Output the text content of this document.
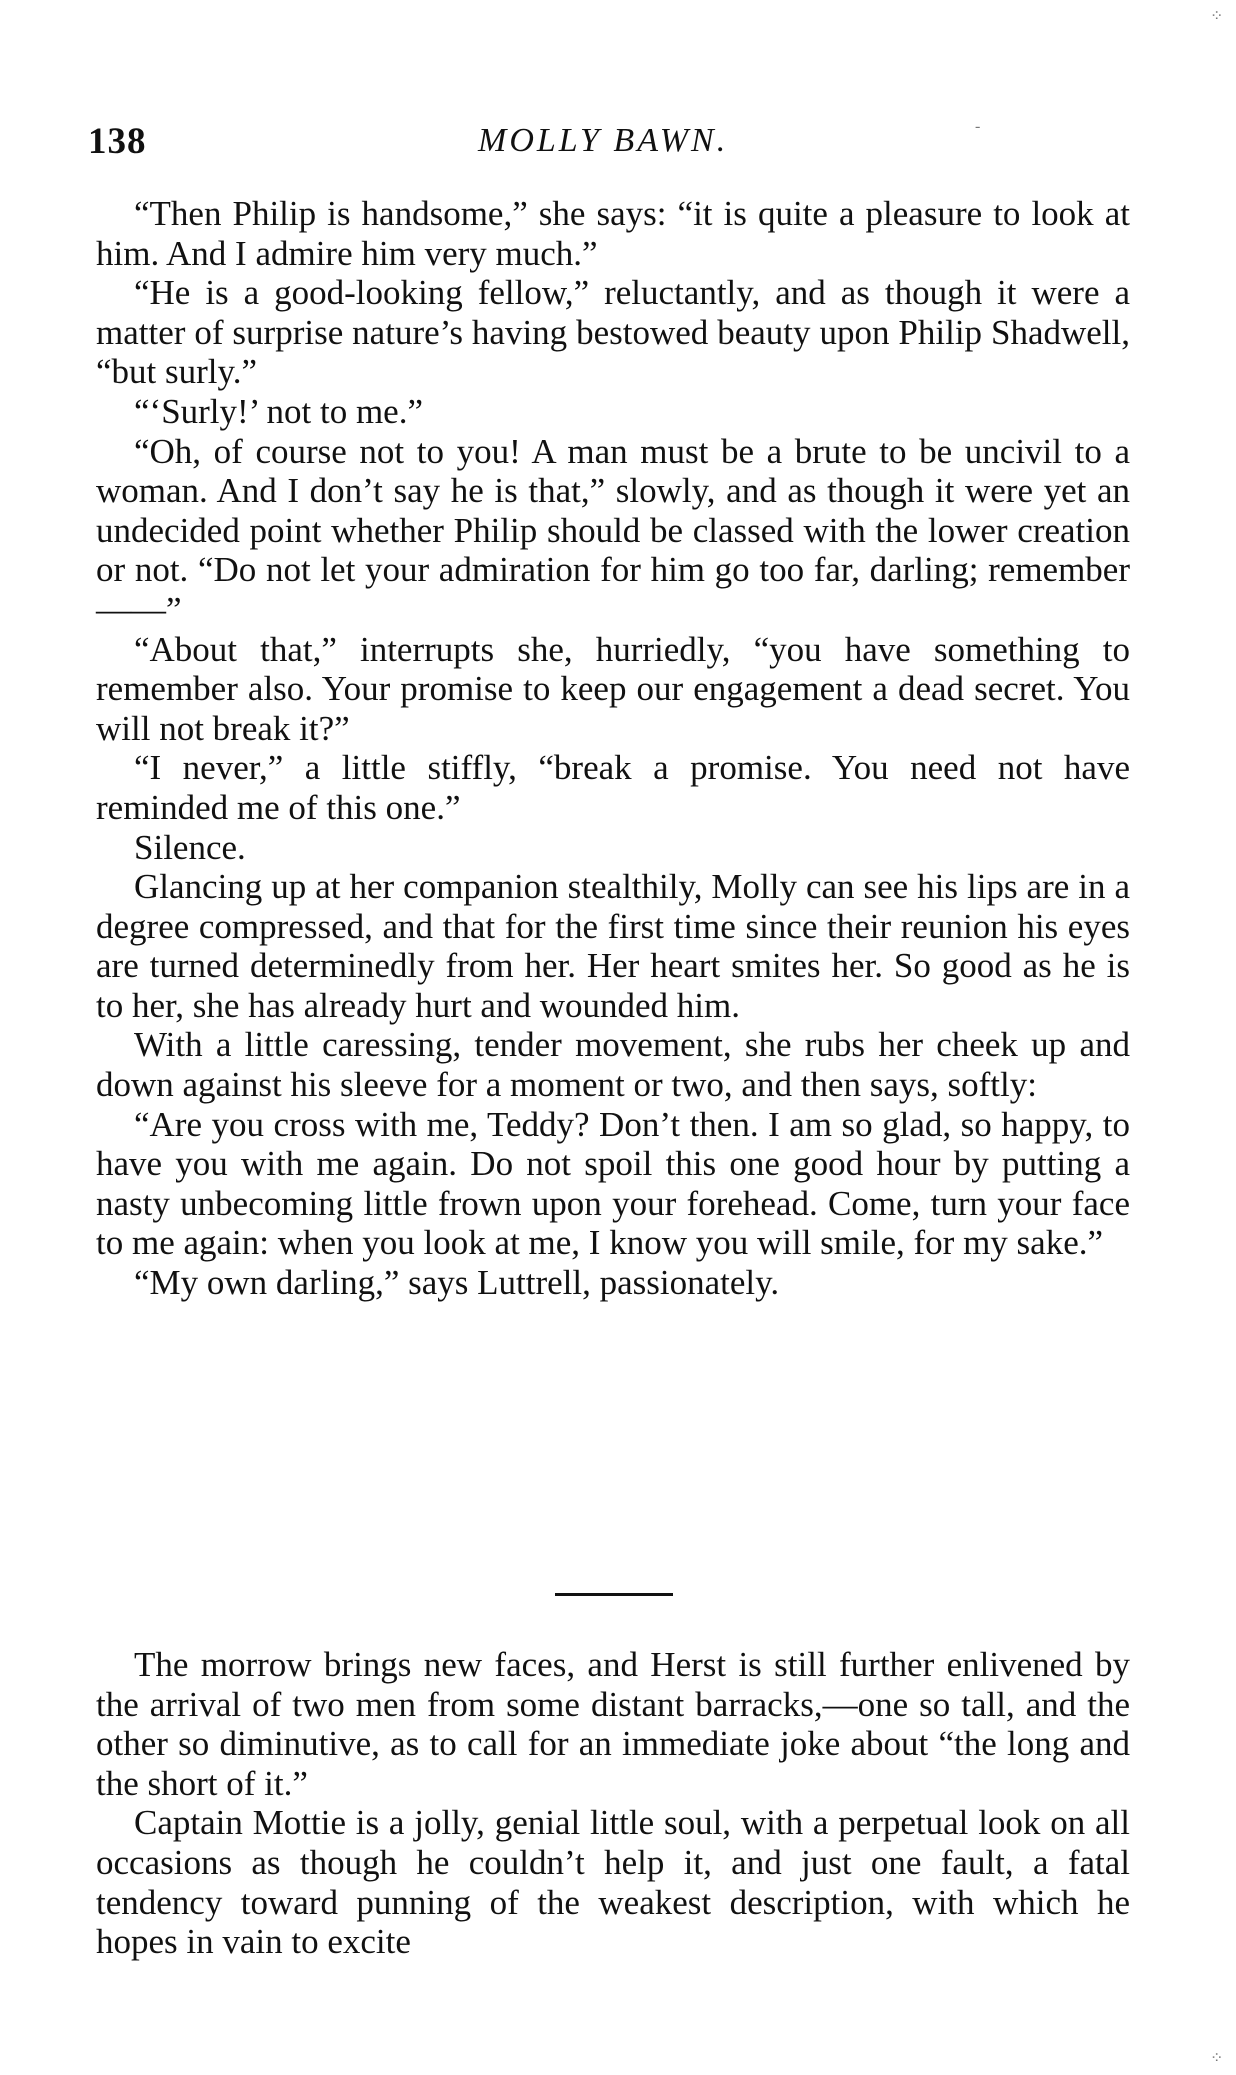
138	MOLLY BAWN.

“Then Philip is handsome,” she says: “it is quite a pleasure to look at him. And I admire him very much.”

“He is a good-looking fellow,” reluctantly, and as though it were a matter of surprise nature’s having bestowed beauty upon Philip Shadwell, “but surly.”

“‘Surly!’ not to me.”

“Oh, of course not to you! A man must be a brute to be uncivil to a woman. And I don’t say he is that,” slowly, and as though it were yet an undecided point whether Philip should be classed with the lower creation or not. “Do not let your admiration for him go too far, darling; remember——”

“About that,” interrupts she, hurriedly, “you have something to remember also. Your promise to keep our engagement a dead secret. You will not break it?”

“I never,” a little stiffly, “break a promise. You need not have reminded me of this one.”

Silence.

Glancing up at her companion stealthily, Molly can see his lips are in a degree compressed, and that for the first time since their reunion his eyes are turned determinedly from her. Her heart smites her. So good as he is to her, she has already hurt and wounded him.

With a little caressing, tender movement, she rubs her cheek up and down against his sleeve for a moment or two, and then says, softly:

“Are you cross with me, Teddy? Don’t then. I am so glad, so happy, to have you with me again. Do not spoil this one good hour by putting a nasty unbecoming little frown upon your forehead. Come, turn your face to me again: when you look at me, I know you will smile, for my sake.”

“My own darling,” says Luttrell, passionately.

The morrow brings new faces, and Herst is still further enlivened by the arrival of two men from some distant barracks,—one so tall, and the other so diminutive, as to call for an immediate joke about “the long and the short of it.”

Captain Mottie is a jolly, genial little soul, with a perpetual look on all occasions as though he couldn’t help it, and just one fault, a fatal tendency toward punning of the weakest description, with which he hopes in vain to excite

⁘
-
⁘
